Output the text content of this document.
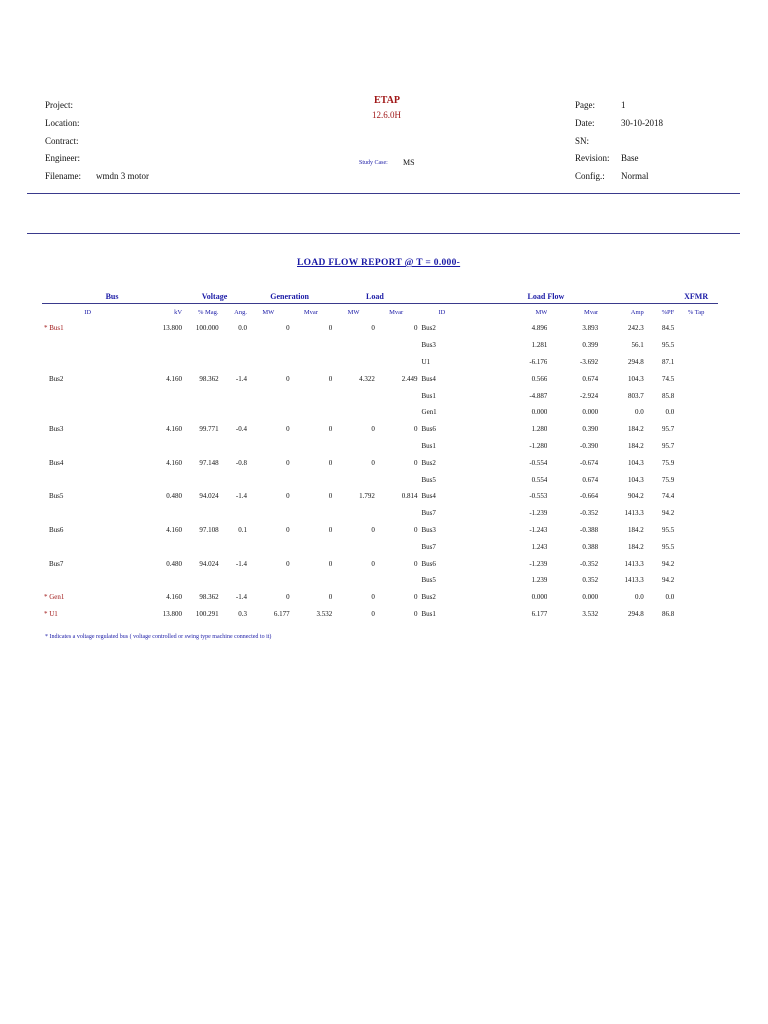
Project:
Location:
Contract:
Engineer:
Filename: wmdn 3 motor
ETAP
12.6.0H
Study Case: MS
Page:	1
Date:	30-10-2018
SN:
Revision: Base
Config.: Normal
LOAD FLOW REPORT @ T = 0.000-
Bus		Voltage		Generation		Load		Load Flow					XFMR
ID	kV	% Mag.	Ang.	MW	Mvar	MW	Mvar	ID	MW	Mvar	Amp	%PF	% Tap
* Bus1	13.800	100.000	0.0	0	0	0	0	Bus2	4.896	3.893	242.3	84.5	
								Bus3	1.281	0.399	56.1	95.5	
								U1	-6.176	-3.692	294.8	87.1	
Bus2	4.160	98.362	-1.4	0	0	4.322	2.449	Bus4	0.566	0.674	104.3	74.5	
								Bus1	-4.887	-2.924	803.7	85.8	
								Gen1	0.000	0.000	0.0	0.0	
Bus3	4.160	99.771	-0.4	0	0	0	0	Bus6	1.280	0.390	184.2	95.7	
								Bus1	-1.280	-0.390	184.2	95.7	
Bus4	4.160	97.148	-0.8	0	0	0	0	Bus2	-0.554	-0.674	104.3	75.9	
								Bus5	0.554	0.674	104.3	75.9	
Bus5	0.480	94.024	-1.4	0	0	1.792	0.814	Bus4	-0.553	-0.664	904.2	74.4	
								Bus7	-1.239	-0.352	1413.3	94.2	
Bus6	4.160	97.108	0.1	0	0	0	0	Bus3	-1.243	-0.388	184.2	95.5	
								Bus7	1.243	0.388	184.2	95.5	
Bus7	0.480	94.024	-1.4	0	0	0	0	Bus6	-1.239	-0.352	1413.3	94.2	
								Bus5	1.239	0.352	1413.3	94.2	
* Gen1	4.160	98.362	-1.4	0	0	0	0	Bus2	0.000	0.000	0.0	0.0	
* U1	13.800	100.291	0.3	6.177	3.532	0	0	Bus1	6.177	3.532	294.8	86.8	
* Indicates a voltage regulated bus ( voltage controlled or swing type machine connected to it)
